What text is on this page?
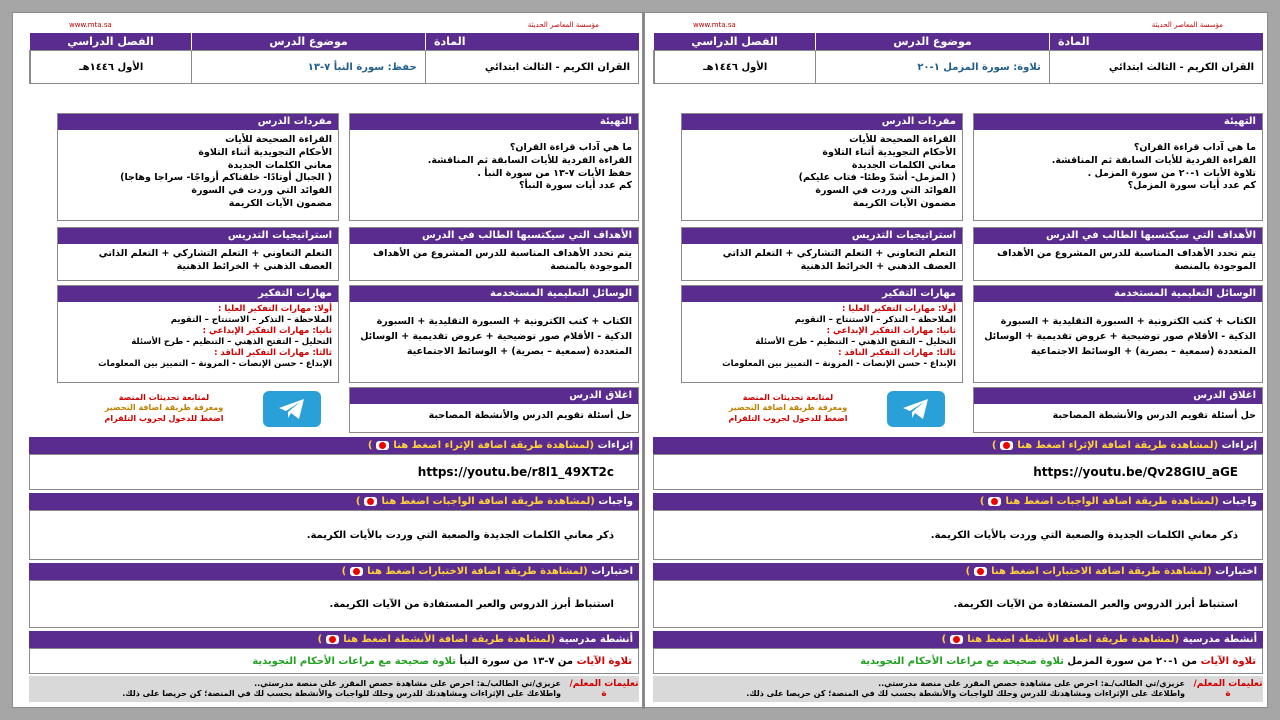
مؤسسة المعاصر الحديثة
www.mta.sa
المادة
موضوع الدرس
الفصل الدراسي
القران الكريم - الثالث ابتدائي
حفظ: سورة النبأ ٧-١٣
الأول ١٤٤٦هـ
التهيئة
ما هي آداب قراءة القران؟
القراءة الفردية للأيات السابقة ثم المناقشة.
حفظ الأيات ٧-١٣ من سورة النبأ .
كم عدد أيات سورة النبأ؟
مفردات الدرس
القراءة الصحيحة للأيات
الأحكام التجويدية أثناء التلاوة
معاني الكلمات الجديدة
( الجبال أوتادًا- خلقناكم أزواجًا- سراجا وهاجا)
الفوائد التي وردت في السورة
مضمون الآيات الكريمة
الأهداف التي سيكتسبها الطالب في الدرس
يتم تحدد الأهداف المناسبة للدرس المشروع من الأهداف الموجودة بالمنصة
استراتيجيات التدريس
التعلم التعاوني + التعلم التشاركي + التعلم الذاتي العصف الذهني + الخرائط الذهنية
الوسائل التعليمية المستخدمة
الكتاب + كتب الكترونية + السبورة التقليدية + السبورة الذكية - الأقلام صور توضيحية + عروض تقديمية + الوسائل المتعددة (سمعية – بصرية) + الوسائط الاجتماعية
مهارات التفكير
أولا: مهارات التفكير العليا :
الملاحظة – التذكر – الاستنتاج – التقويم
ثانيا: مهارات التفكير الإبداعي :
التحليل – التفتح الذهني – التنظيم - طرح الأسئلة
ثالثا: مهارات التفكير الناقد :
الإبداع - حسن الإنصات - المرونة – التمييز بين المعلومات
اغلاق الدرس
حل أسئلة تقويم الدرس والأنشطة المصاحبة
لمتابعة تحديثات المنصة
ومعرفة طريقة اضافة التحضير
اضغط للدخول لجروب التلقرام
إثراءات (لمشاهدة طريقة اضافة الإثراء اضغط هنا)
https://youtu.be/r8l1_49XT2c
واجبات (لمشاهدة طريقة اضافة الواجبات اضغط هنا)
ذكر معاني الكلمات الجديدة والصعبة التي وردت بالأيات الكريمة.
اختبارات (لمشاهدة طريقة اضافة الاختبارات اضغط هنا)
استنباط أبرز الدروس والعبر المستفادة من الآيات الكريمة.
أنشطة مدرسية (لمشاهدة طريقة اضافة الأنشطة اضغط هنا)
تلاوة الآيات

من ٧-١٣ من سورة النبأ

تلاوة صحيحة مع مراعات الأحكام التجويدية
تعليمات المعلم/ة
عزيزي/تي الطالب/ـة: احرص على مشاهدة حصص المقرر على منصة مدرستي..
واطلاعك على الإثراءات ومشاهدتك للدرس وحلك للواجبات والأنشطة بحسب لك في المنصة؛ كن حريصا على ذلك.
مؤسسة المعاصر الحديثة
www.mta.sa
المادة
موضوع الدرس
الفصل الدراسي
القران الكريم - الثالث ابتدائي
تلاوة: سورة المزمل ١-٢٠
الأول ١٤٤٦هـ
التهيئة
ما هي آداب قراءة القران؟
القراءة الفردية للأيات السابقة ثم المناقشة.
تلاوة الأيات ١-٢٠ من سورة المزمل .
كم عدد أيات سورة المزمل؟
مفردات الدرس
القراءة الصحيحة للأيات
الأحكام التجويدية أثناء التلاوة
معاني الكلمات الجديدة
( المزمل- أشدّ وطئا- فتاب عليكم)
الفوائد التي وردت في السورة
مضمون الآيات الكريمة
الأهداف التي سيكتسبها الطالب في الدرس
يتم تحدد الأهداف المناسبة للدرس المشروع من الأهداف الموجودة بالمنصة
استراتيجيات التدريس
التعلم التعاوني + التعلم التشاركي + التعلم الذاتي العصف الذهني + الخرائط الذهنية
الوسائل التعليمية المستخدمة
الكتاب + كتب الكترونية + السبورة التقليدية + السبورة الذكية - الأقلام صور توضيحية + عروض تقديمية + الوسائل المتعددة (سمعية – بصرية) + الوسائط الاجتماعية
مهارات التفكير
أولا: مهارات التفكير العليا :
الملاحظة – التذكر – الاستنتاج – التقويم
ثانيا: مهارات التفكير الإبداعي :
التحليل – التفتح الذهني – التنظيم - طرح الأسئلة
ثالثا: مهارات التفكير الناقد :
الإبداع - حسن الإنصات - المرونة – التمييز بين المعلومات
اغلاق الدرس
حل أسئلة تقويم الدرس والأنشطة المصاحبة
لمتابعة تحديثات المنصة
ومعرفة طريقة اضافة التحضير
اضغط للدخول لجروب التلقرام
إثراءات (لمشاهدة طريقة اضافة الإثراء اضغط هنا)
https://youtu.be/Qv28GIU_aGE
واجبات (لمشاهدة طريقة اضافة الواجبات اضغط هنا)
ذكر معاني الكلمات الجديدة والصعبة التي وردت بالأيات الكريمة.
اختبارات (لمشاهدة طريقة اضافة الاختبارات اضغط هنا)
استنباط أبرز الدروس والعبر المستفادة من الآيات الكريمة.
أنشطة مدرسية (لمشاهدة طريقة اضافة الأنشطة اضغط هنا)
تلاوة الآيات

من ١-٢٠ من سورة المزمل

تلاوة صحيحة مع مراعات الأحكام التجويدية
تعليمات المعلم/ة
عزيزي/تي الطالب/ـة: احرص على مشاهدة حصص المقرر على منصة مدرستي..
واطلاعك على الإثراءات ومشاهدتك للدرس وحلك للواجبات والأنشطة بحسب لك في المنصة؛ كن حريصا على ذلك.
